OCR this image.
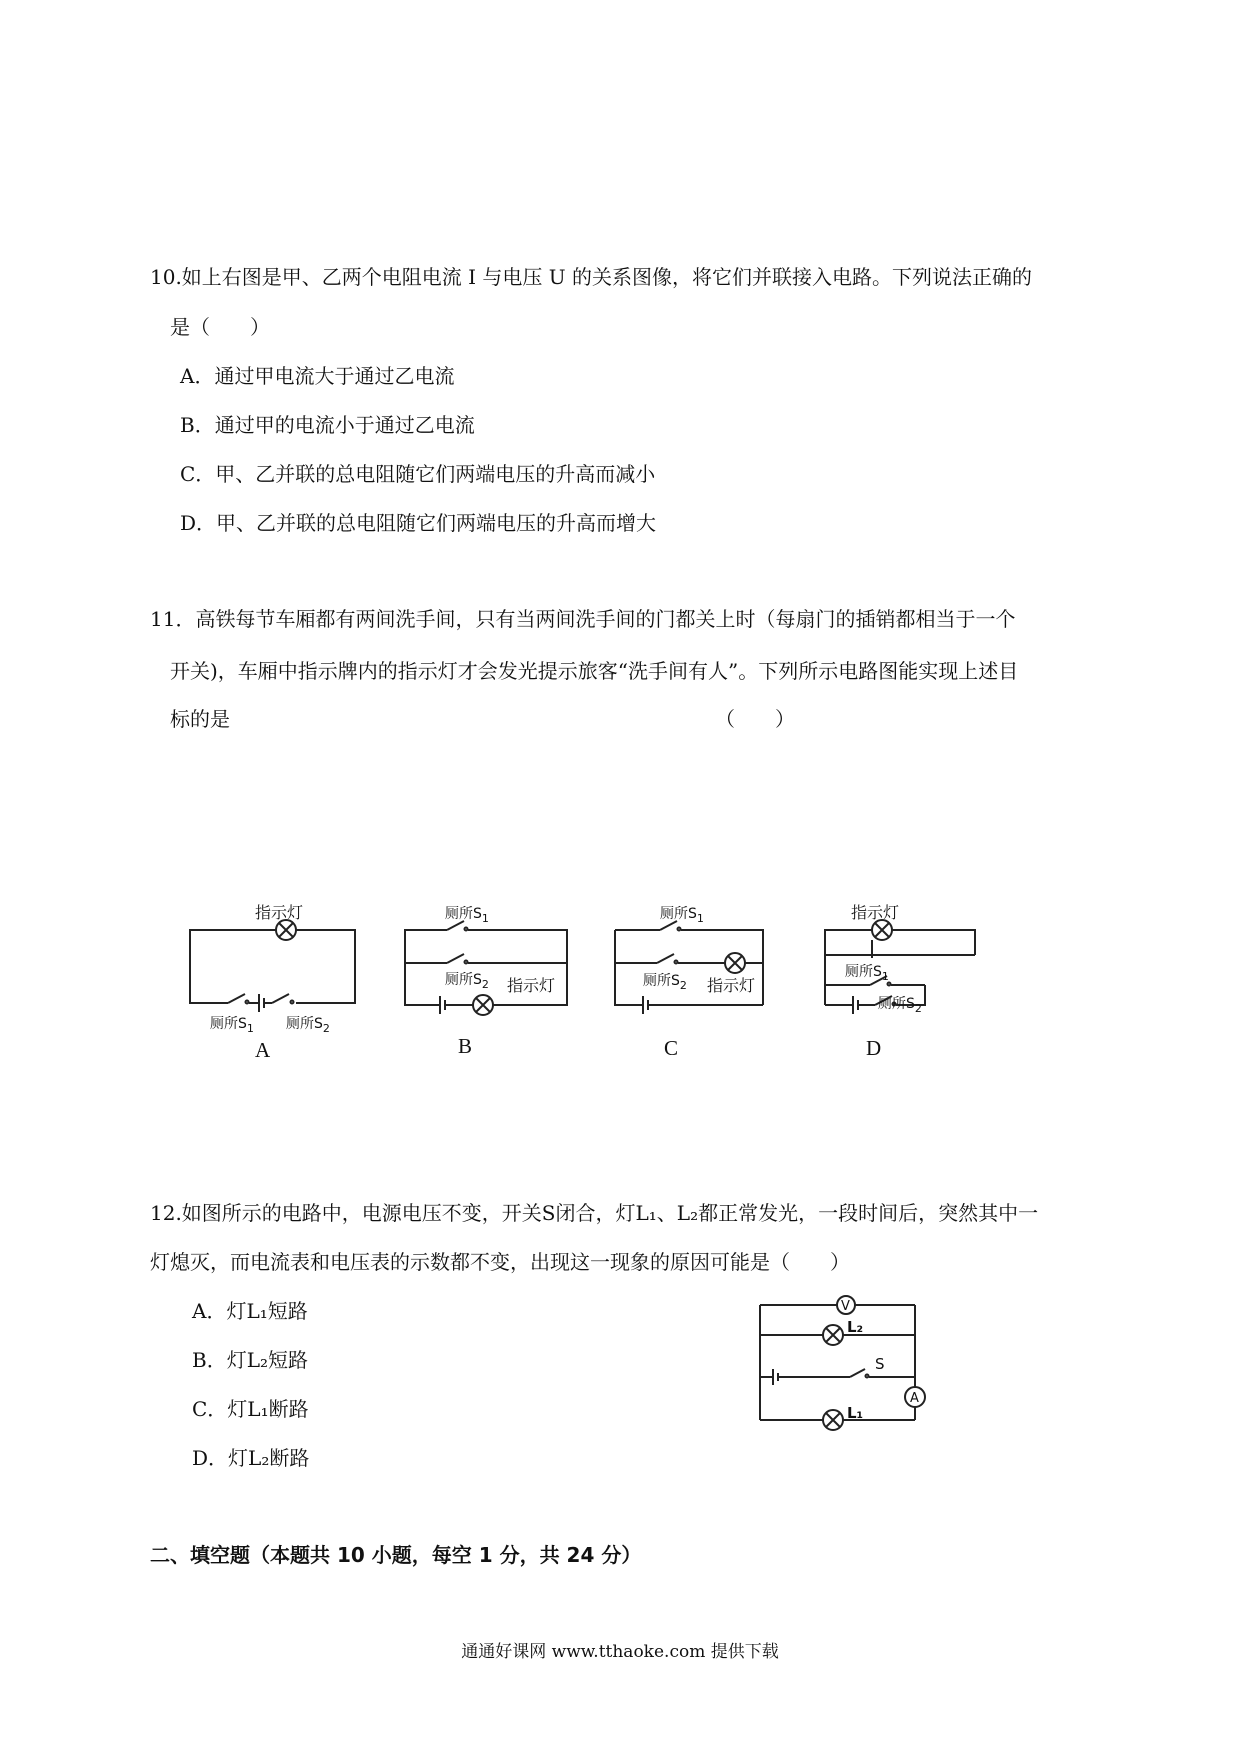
10.如上右图是甲、乙两个电阻电流 I 与电压 U 的关系图像，将它们并联接入电路。下列说法正确的
是（　　）
A．通过甲电流大于通过乙电流
B．通过甲的电流小于通过乙电流
C．甲、乙并联的总电阻随它们两端电压的升高而减小
D．甲、乙并联的总电阻随它们两端电压的升高而增大
11．高铁每节车厢都有两间洗手间，只有当两间洗手间的门都关上时（每扇门的插销都相当于一个
开关)，车厢中指示牌内的指示灯才会发光提示旅客“洗手间有人”。下列所示电路图能实现上述目
标的是	（　　）
指示灯
厕所$S_1$ 厕所$S_2$
A
厕所$S_1$
厕所$S_2$ 指示灯
B
厕所$S_1$
厕所$S_2$ 指示灯
C
指示灯
厕所$S_1$
厕所$S_2$
D
12.如图所示的电路中，电源电压不变，开关S闭合，灯L₁、L₂都正常发光，一段时间后，突然其中一
灯熄灭，而电流表和电压表的示数都不变，出现这一现象的原因可能是（　　）
A．灯L₁短路
B．灯L₂短路
C．灯L₁断路
D．灯L₂断路
V
L₂
S
A
L₁
二、填空题（本题共 10 小题，每空 1 分，共 24 分）
通通好课网 www.tthaoke.com 提供下载
